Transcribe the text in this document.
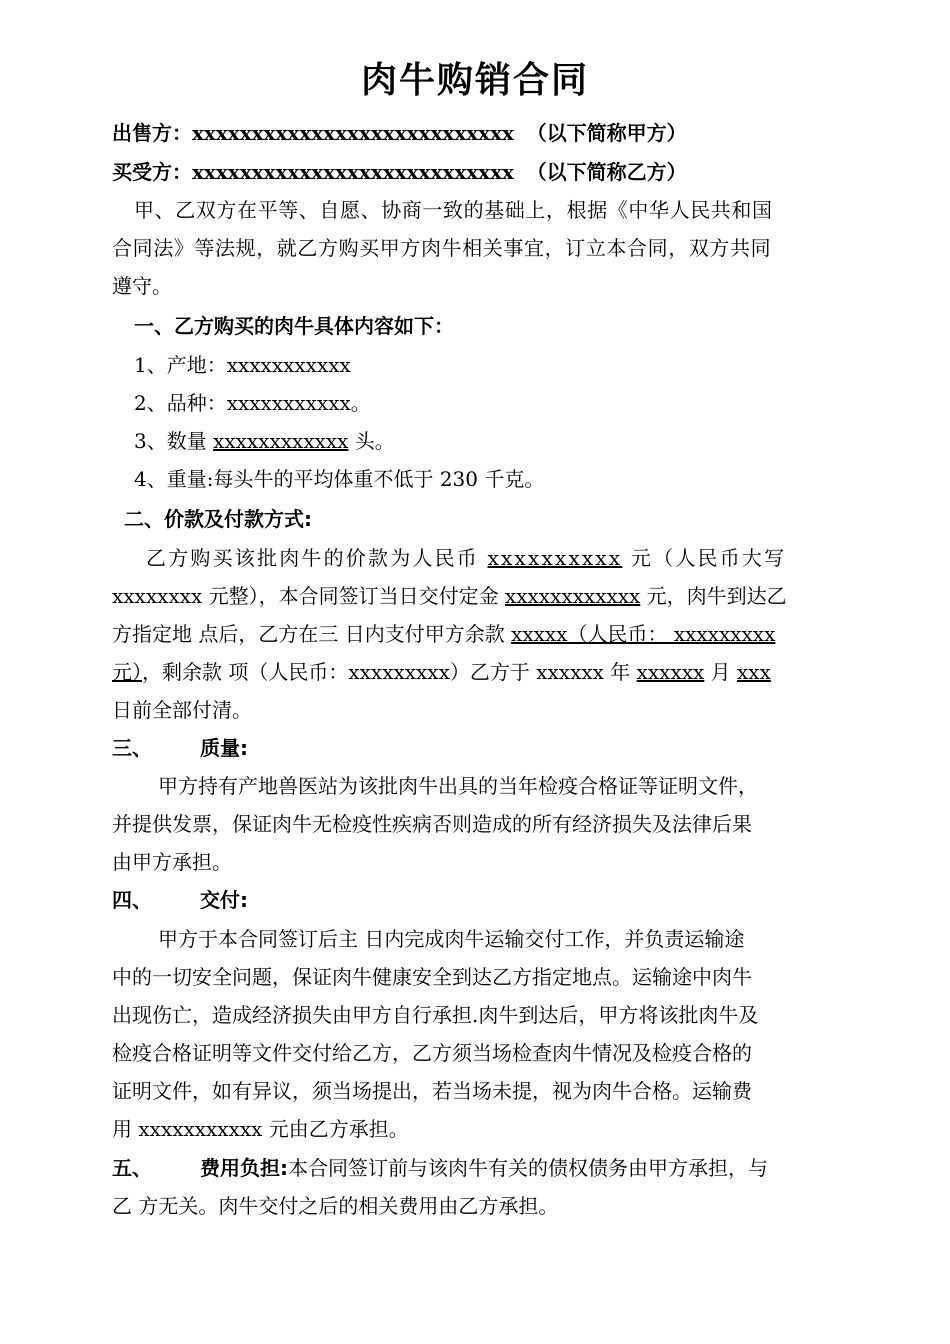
肉牛购销合同
出售方：xxxxxxxxxxxxxxxxxxxxxxxxxxx （以下简称甲方）
买受方：xxxxxxxxxxxxxxxxxxxxxxxxxxx （以下简称乙方）
甲、乙双方在平等、自愿、协商一致的基础上，根据《中华人民共和国
合同法》等法规，就乙方购买甲方肉牛相关事宜，订立本合同，双方共同
遵守。
一、乙方购买的肉牛具体内容如下：
1、产地：xxxxxxxxxxx
2、品种：xxxxxxxxxxx。
3、数量 xxxxxxxxxxxx 头。
4、重量:每头牛的平均体重不低于 230 千克。
二、价款及付款方式:
乙方购买该批肉牛的价款为人民币 xxxxxxxxxx 元（人民币大写
xxxxxxxx 元整），本合同签订当日交付定金 xxxxxxxxxxxx 元，肉牛到达乙
方指定地 点后，乙方在三 日内支付甲方余款 xxxxx（人民币： xxxxxxxxx
元），剩余款 项（人民币：xxxxxxxxx）乙方于 xxxxxx 年 xxxxxx 月 xxx
日前全部付清。
三、 质量:
甲方持有产地兽医站为该批肉牛出具的当年检疫合格证等证明文件，
并提供发票，保证肉牛无检疫性疾病否则造成的所有经济损失及法律后果
由甲方承担。
四、 交付:
甲方于本合同签订后主 日内完成肉牛运输交付工作，并负责运输途
中的一切安全问题，保证肉牛健康安全到达乙方指定地点。运输途中肉牛
出现伤亡，造成经济损失由甲方自行承担.肉牛到达后，甲方将该批肉牛及
检疫合格证明等文件交付给乙方，乙方须当场检查肉牛情况及检疫合格的
证明文件，如有异议，须当场提出，若当场未提，视为肉牛合格。运输费
用 xxxxxxxxxxx 元由乙方承担。
五、 费用负担:本合同签订前与该肉牛有关的债权债务由甲方承担，与
乙 方无关。肉牛交付之后的相关费用由乙方承担。
